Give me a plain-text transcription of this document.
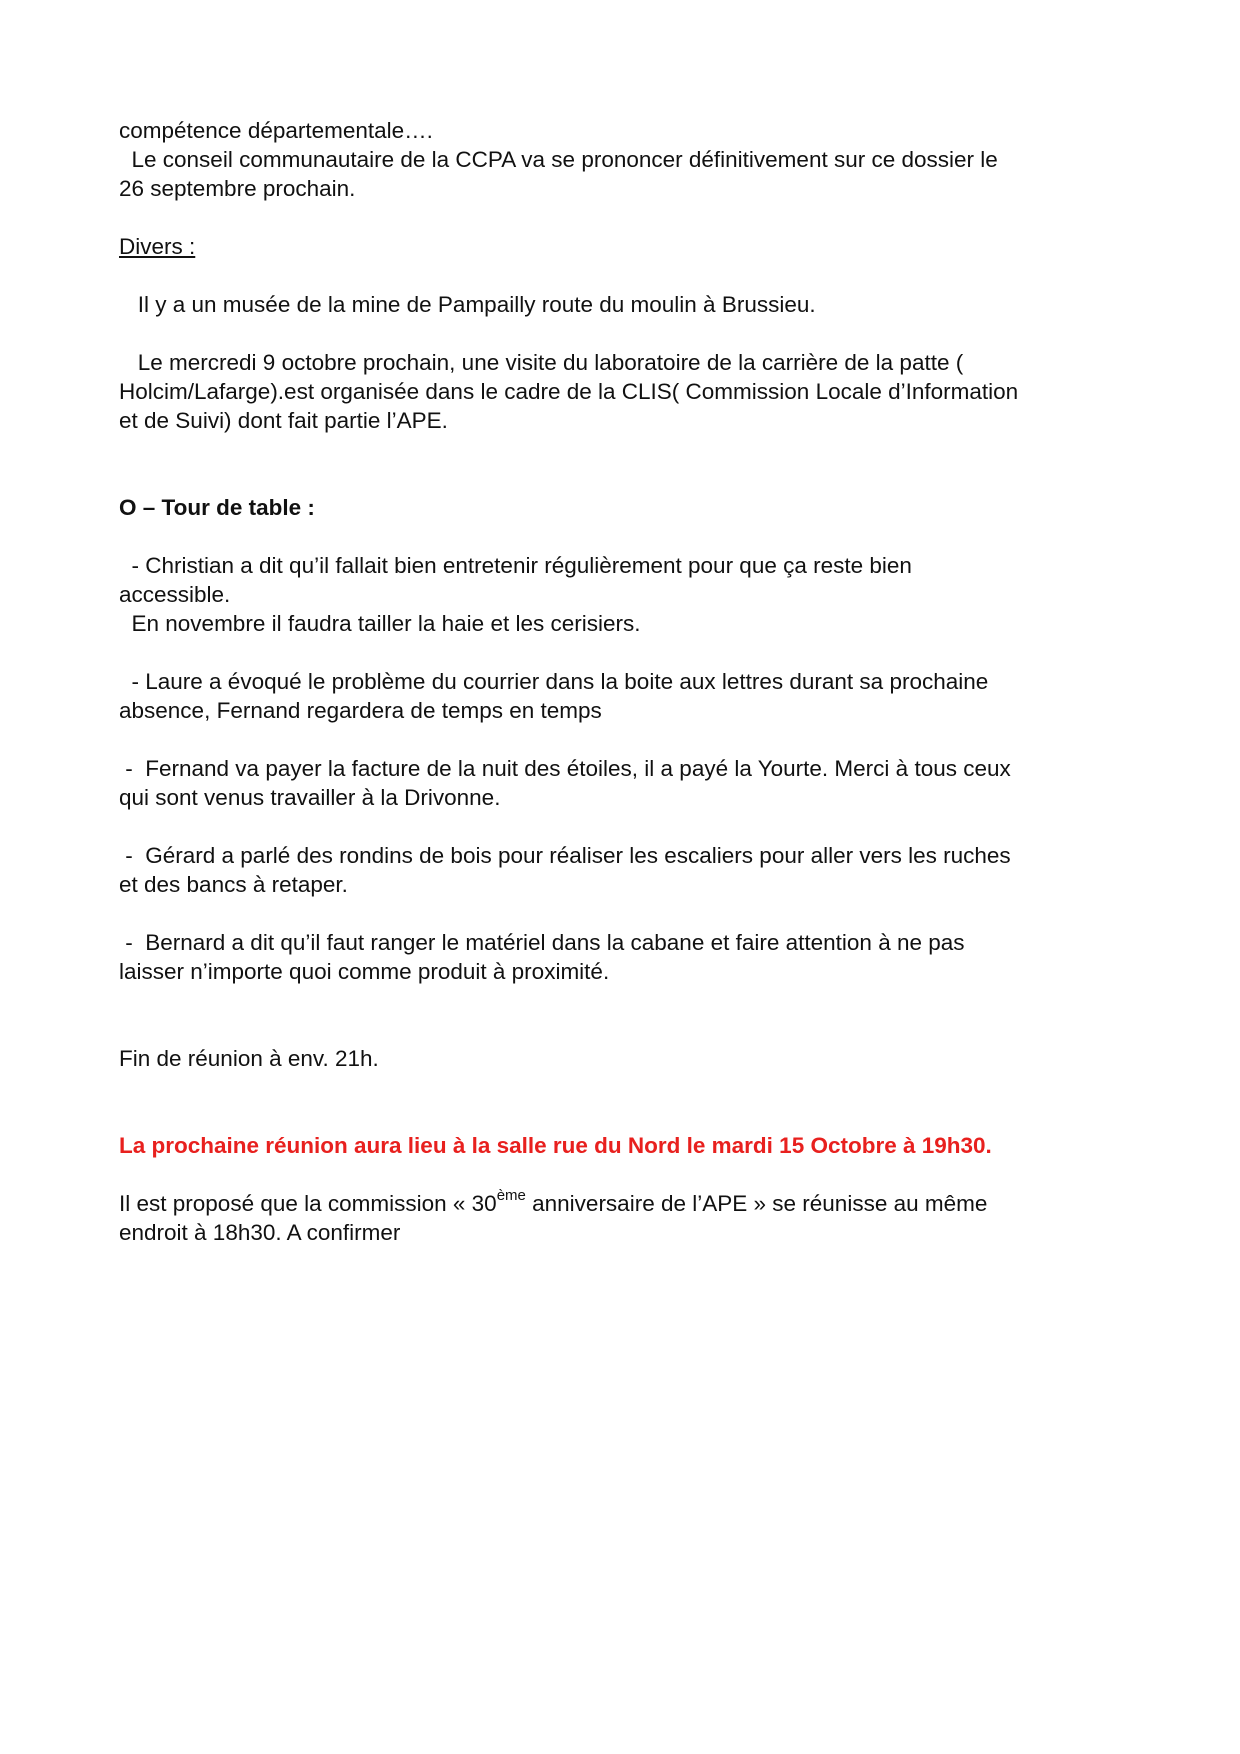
compétence départementale….

Le conseil communautaire de la CCPA va se prononcer définitivement sur ce dossier le

26 septembre prochain.

Divers :

Il y a un musée de la mine de Pampailly route du moulin à Brussieu.

Le mercredi 9 octobre prochain, une visite du laboratoire de la carrière de la patte (

Holcim/Lafarge).est organisée dans le cadre de la CLIS( Commission Locale d’Information

et de Suivi) dont fait partie l’APE.

O – Tour de table :

- Christian a dit qu’il fallait bien entretenir régulièrement pour que ça reste bien

accessible.

En novembre il faudra tailler la haie et les cerisiers.

- Laure a évoqué le problème du courrier dans la boite aux lettres durant sa prochaine

absence, Fernand regardera de temps en temps

-  Fernand va payer la facture de la nuit des étoiles, il a payé la Yourte. Merci à tous ceux

qui sont venus travailler à la Drivonne.

-  Gérard a parlé des rondins de bois pour réaliser les escaliers pour aller vers les ruches

et des bancs à retaper.

-  Bernard a dit qu’il faut ranger le matériel dans la cabane et faire attention à ne pas

laisser n’importe quoi comme produit à proximité.

Fin de réunion à env. 21h.

La prochaine réunion aura lieu à la salle rue du Nord le mardi 15 Octobre à 19h30.

Il est proposé que la commission « 30ème anniversaire de l’APE » se réunisse au même

endroit à 18h30. A confirmer
